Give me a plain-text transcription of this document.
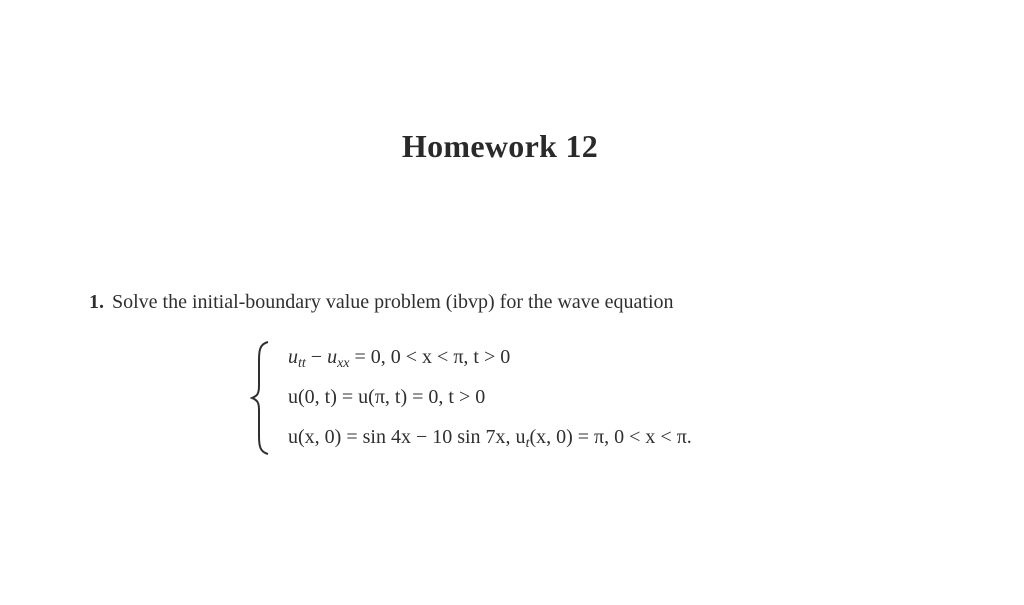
Homework 12
1. Solve the initial-boundary value problem (ibvp) for the wave equation
$u_{tt} - u_{xx} = 0$, 0 < x < π, t > 0
u(0, t) = u(π, t) = 0, t > 0
u(x, 0) = sin 4x − 10 sin 7x, $u_t(x$, 0) = π, 0 < x < π.
